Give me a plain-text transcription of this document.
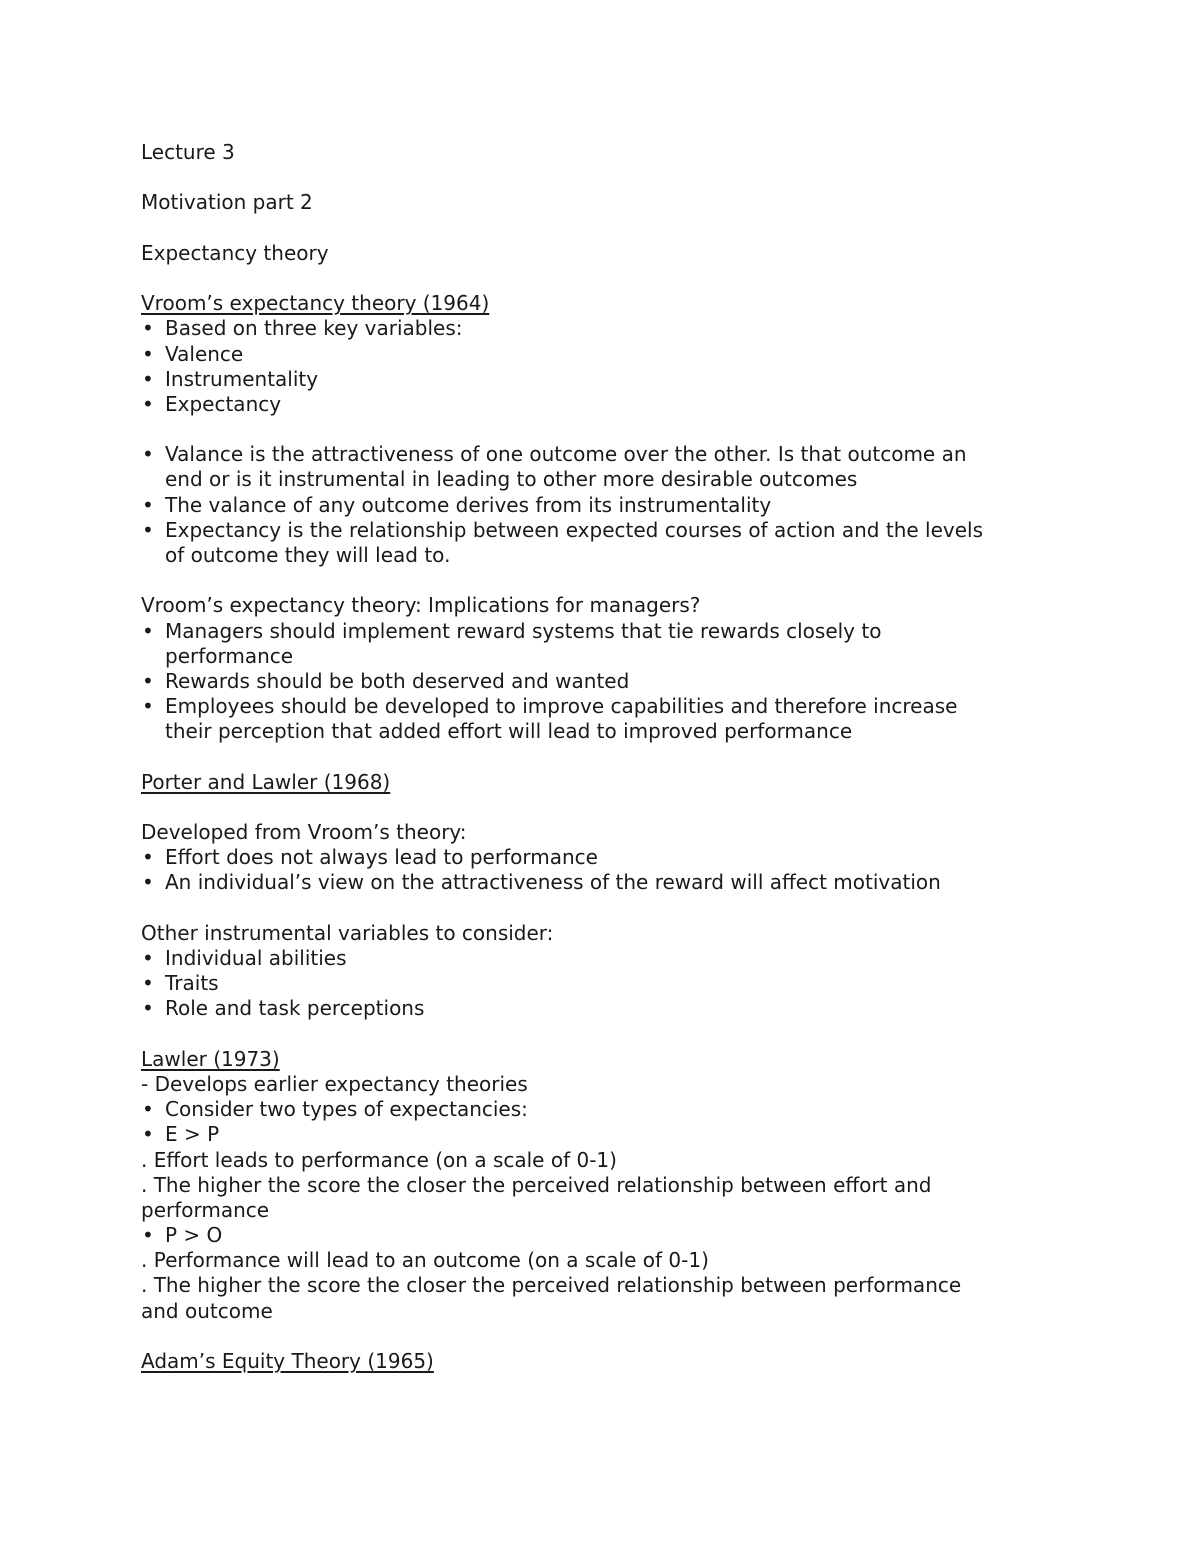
Lecture 3
Motivation part 2
Expectancy theory
Vroom’s expectancy theory (1964)
• Based on three key variables:
• Valence
• Instrumentality
• Expectancy
• Valance is the attractiveness of one outcome over the other. Is that outcome an
end or is it instrumental in leading to other more desirable outcomes
• The valance of any outcome derives from its instrumentality
• Expectancy is the relationship between expected courses of action and the levels
of outcome they will lead to.
Vroom’s expectancy theory: Implications for managers?
• Managers should implement reward systems that tie rewards closely to
performance
• Rewards should be both deserved and wanted
• Employees should be developed to improve capabilities and therefore increase
their perception that added effort will lead to improved performance
Porter and Lawler (1968)
Developed from Vroom’s theory:
• Effort does not always lead to performance
• An individual’s view on the attractiveness of the reward will affect motivation
Other instrumental variables to consider:
• Individual abilities
• Traits
• Role and task perceptions
Lawler (1973)
- Develops earlier expectancy theories
• Consider two types of expectancies:
• E > P
. Effort leads to performance (on a scale of 0-1)
. The higher the score the closer the perceived relationship between effort and
performance
• P > O
. Performance will lead to an outcome (on a scale of 0-1)
. The higher the score the closer the perceived relationship between performance
and outcome
Adam’s Equity Theory (1965)
